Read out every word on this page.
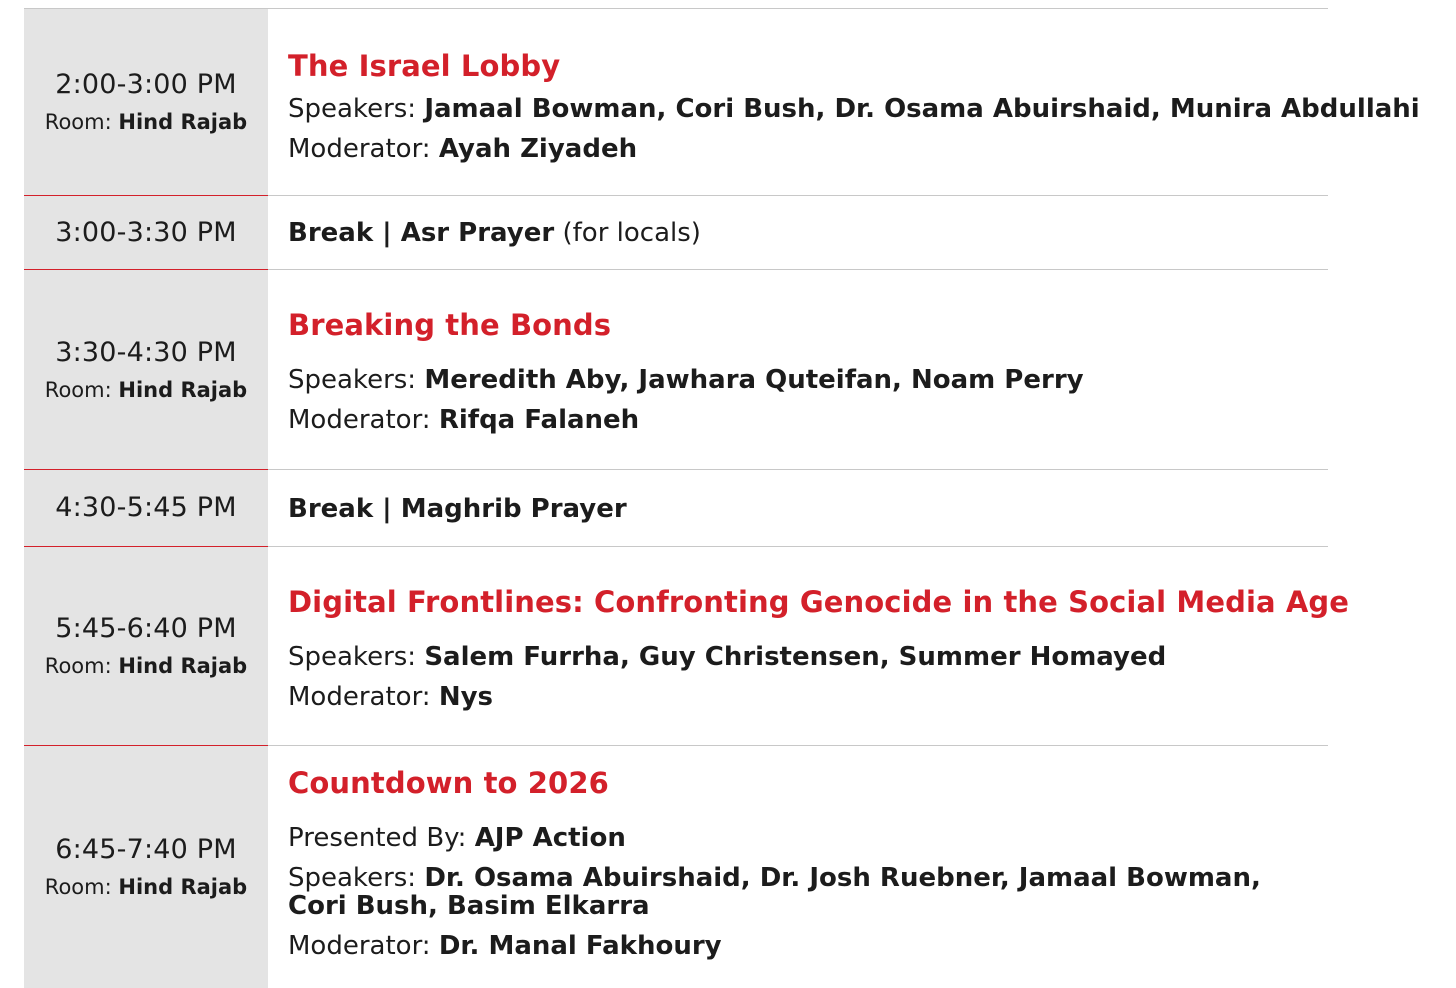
2:00-3:00 PM
Room: Hind Rajab
The Israel Lobby
Speakers: Jamaal Bowman, Cori Bush, Dr. Osama Abuirshaid, Munira Abdullahi
Moderator: Ayah Ziyadeh
3:00-3:30 PM Break | Asr Prayer (for locals)
3:30-4:30 PM
Room: Hind Rajab
Breaking the Bonds
Speakers: Meredith Aby, Jawhara Quteifan, Noam Perry
Moderator: Rifqa Falaneh
4:30-5:45 PM Break | Maghrib Prayer
5:45-6:40 PM
Room: Hind Rajab
Digital Frontlines: Confronting Genocide in the Social Media Age
Speakers: Salem Furrha, Guy Christensen, Summer Homayed
Moderator: Nys
6:45-7:40 PM
Room: Hind Rajab
Countdown to 2026
Presented By: AJP Action
Speakers: Dr. Osama Abuirshaid, Dr. Josh Ruebner, Jamaal Bowman, Cori Bush, Basim Elkarra
Moderator: Dr. Manal Fakhoury
